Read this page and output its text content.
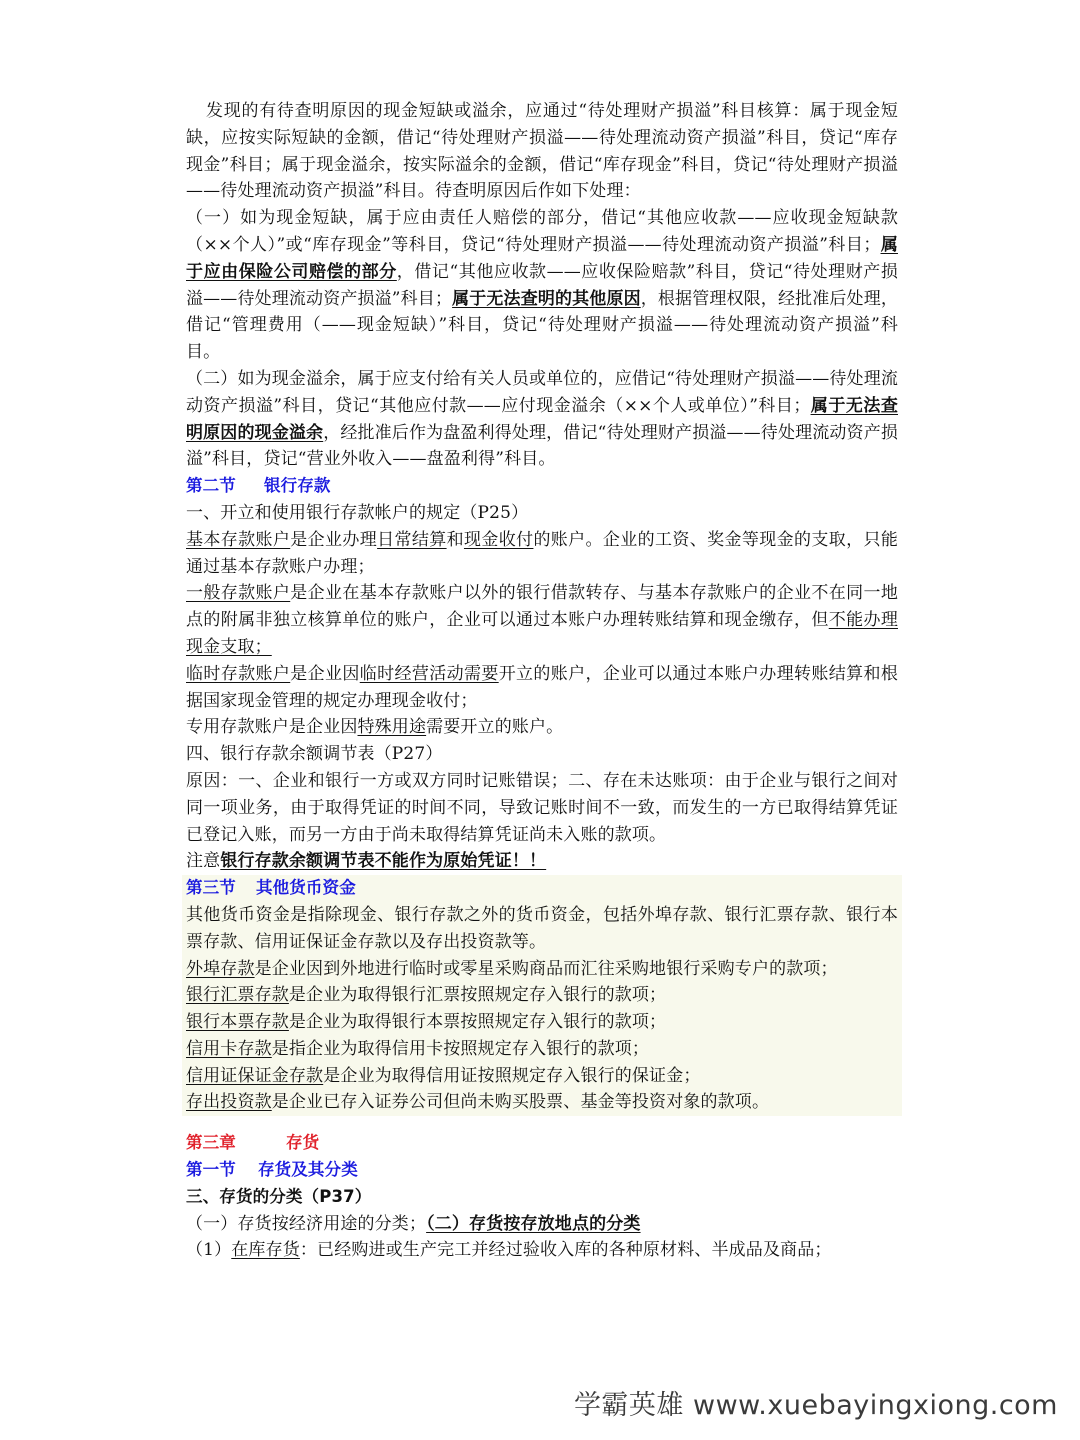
发现的有待查明原因的现金短缺或溢余，应通过“待处理财产损溢”科目核算：属于现金短缺，应按实际短缺的金额，借记“待处理财产损溢——待处理流动资产损溢”科目，贷记“库存现金”科目；属于现金溢余，按实际溢余的金额，借记“库存现金”科目，贷记“待处理财产损溢——待处理流动资产损溢”科目。待查明原因后作如下处理：

（一）如为现金短缺，属于应由责任人赔偿的部分，借记“其他应收款——应收现金短缺款（××个人）”或“库存现金”等科目，贷记“待处理财产损溢——待处理流动资产损溢”科目；属于应由保险公司赔偿的部分，借记“其他应收款——应收保险赔款”科目，贷记“待处理财产损溢——待处理流动资产损溢”科目；属于无法查明的其他原因，根据管理权限，经批准后处理，借记“管理费用（——现金短缺）”科目，贷记“待处理财产损溢——待处理流动资产损溢”科目。

（二）如为现金溢余，属于应支付给有关人员或单位的，应借记“待处理财产损溢——待处理流动资产损溢”科目，贷记“其他应付款——应付现金溢余（××个人或单位）”科目；属于无法查明原因的现金溢余，经批准后作为盘盈利得处理，借记“待处理财产损溢——待处理流动资产损溢”科目，贷记“营业外收入——盘盈利得”科目。

第二节 银行存款

一、开立和使用银行存款帐户的规定（P25）

基本存款账户是企业办理日常结算和现金收付的账户。企业的工资、奖金等现金的支取，只能通过基本存款账户办理；

一般存款账户是企业在基本存款账户以外的银行借款转存、与基本存款账户的企业不在同一地点的附属非独立核算单位的账户，企业可以通过本账户办理转账结算和现金缴存，但不能办理现金支取；

临时存款账户是企业因临时经营活动需要开立的账户，企业可以通过本账户办理转账结算和根据国家现金管理的规定办理现金收付；

专用存款账户是企业因特殊用途需要开立的账户。

四、银行存款余额调节表（P27）

原因：一、企业和银行一方或双方同时记账错误；二、存在未达账项：由于企业与银行之间对同一项业务，由于取得凭证的时间不同，导致记账时间不一致，而发生的一方已取得结算凭证已登记入账，而另一方由于尚未取得结算凭证尚未入账的款项。

注意银行存款余额调节表不能作为原始凭证！！

第三节 其他货币资金

其他货币资金是指除现金、银行存款之外的货币资金，包括外埠存款、银行汇票存款、银行本票存款、信用证保证金存款以及存出投资款等。

外埠存款是企业因到外地进行临时或零星采购商品而汇往采购地银行采购专户的款项；

银行汇票存款是企业为取得银行汇票按照规定存入银行的款项；

银行本票存款是企业为取得银行本票按照规定存入银行的款项；

信用卡存款是指企业为取得信用卡按照规定存入银行的款项；

信用证保证金存款是企业为取得信用证按照规定存入银行的保证金；

存出投资款是企业已存入证券公司但尚未购买股票、基金等投资对象的款项。

第三章	存货

第一节 存货及其分类

三、存货的分类（P37）

（一）存货按经济用途的分类；（二）存货按存放地点的分类

（1）在库存货：已经购进或生产完工并经过验收入库的各种原材料、半成品及商品；

学霸英雄 www.xuebayingxiong.com
